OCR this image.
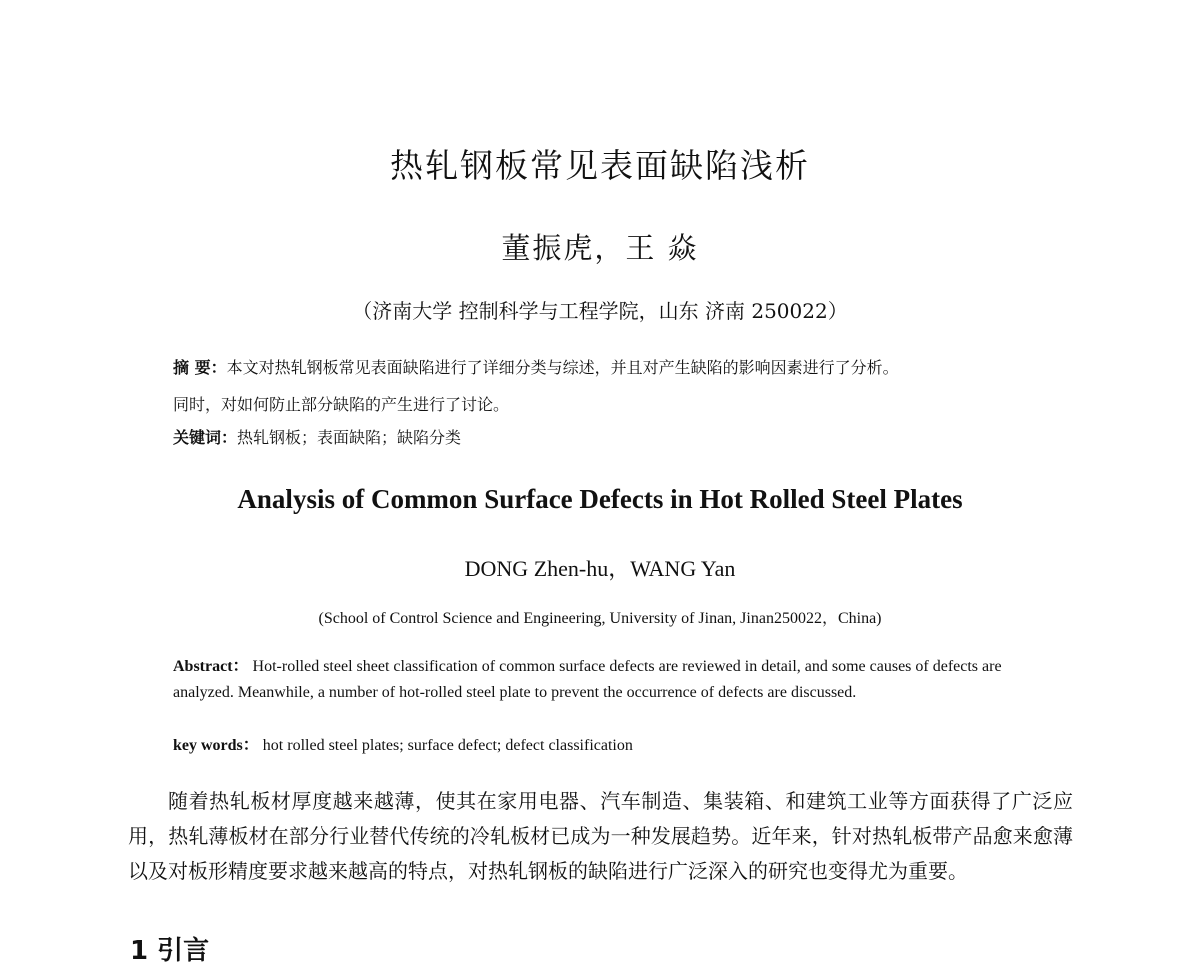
热轧钢板常见表面缺陷浅析
董振虎，王 焱
（济南大学 控制科学与工程学院，山东 济南 250022）
摘 要：本文对热轧钢板常见表面缺陷进行了详细分类与综述，并且对产生缺陷的影响因素进行了分析。
同时，对如何防止部分缺陷的产生进行了讨论。
关键词：热轧钢板；表面缺陷；缺陷分类
Analysis of Common Surface Defects in Hot Rolled Steel Plates
DONG Zhen-hu，WANG Yan
(School of Control Science and Engineering, University of Jinan, Jinan250022，China)
Abstract： Hot-rolled steel sheet classification of common surface defects are reviewed in detail, and some causes of defects are analyzed. Meanwhile, a number of hot-rolled steel plate to prevent the occurrence of defects are discussed.
key words： hot rolled steel plates; surface defect; defect classification
随着热轧板材厚度越来越薄，使其在家用电器、汽车制造、集装箱、和建筑工业等方面获得了广泛应用，热轧薄板材在部分行业替代传统的冷轧板材已成为一种发展趋势。近年来，针对热轧板带产品愈来愈薄以及对板形精度要求越来越高的特点，对热轧钢板的缺陷进行广泛深入的研究也变得尤为重要。
1 引言
